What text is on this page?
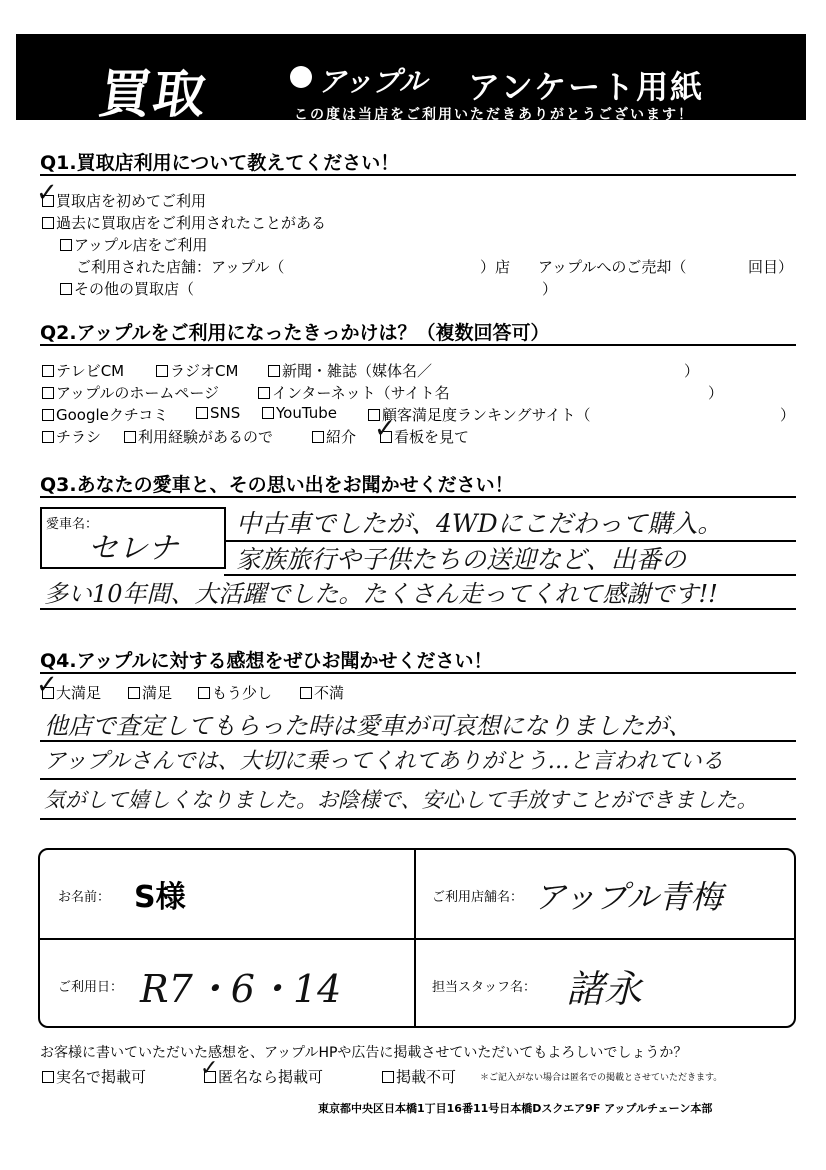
買取	アップル アンケート用紙
この度は当店をご利用いただきありがとうございます！
Q1.買取店利用について教えてください！
✓
買取店を初めてご利用
過去に買取店をご利用されたことがある
アップル店をご利用
ご利用された店舗：アップル（	）店 アップルへのご売却（	回目）
その他の買取店（	）
Q2.アップルをご利用になったきっかけは？（複数回答可）
テレビCM	ラジオCM	新聞・雑誌（媒体名／	）
アップルのホームページ	インターネット（サイト名	）
Googleクチコミ	SNS	YouTube	顧客満足度ランキングサイト（	）
チラシ	利用経験があるので	紹介	看板を見て
✓
Q3.あなたの愛車と、その思い出をお聞かせください！
愛車名：
セレナ
中古車でしたが、4WDにこだわって購入。
家族旅行や子供たちの送迎など、出番の
多い10年間、大活躍でした。たくさん走ってくれて感謝です!!
Q4.アップルに対する感想をぜひお聞かせください！
✓
大満足	満足	もう少し	不満
他店で査定してもらった時は愛車が可哀想になりましたが、
アップルさんでは、大切に乗ってくれてありがとう…と言われている
気がして嬉しくなりました。お陰様で、安心して手放すことができました。
お名前： S様	ご利用店舗名： アップル青梅
ご利用日： R7・6・14	担当スタッフ名： 諸永
お客様に書いていただいた感想を、アップルHPや広告に掲載させていただいてもよろしいでしょうか？
実名で掲載可	匿名なら掲載可
✓	掲載不可	＊ご記入がない場合は匿名での掲載とさせていただきます。
東京都中央区日本橋1丁目16番11号日本橋Dスクエア9F アップルチェーン本部
